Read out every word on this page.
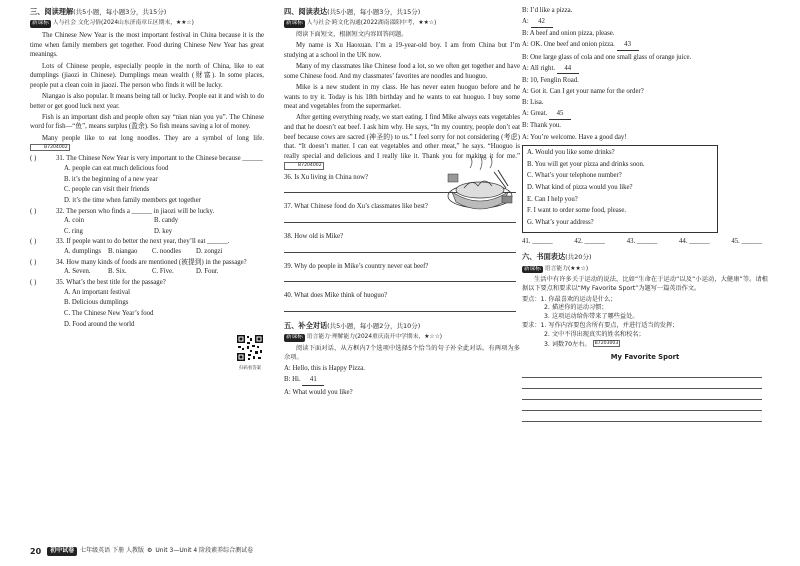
三、阅读理解(共5小题，每小题3分，共15分)
新课标 人与社会 文化习俗(2024山东济南章丘区期末，★★☆)

The Chinese New Year is the most important festival in China because it is the time when family members get together. Food during Chinese New Year has great meanings.

Lots of Chinese people, especially people in the north of China, like to eat dumplings (jiaozi in Chinese). Dumplings mean wealth (财富). In some places, people put a clean coin in jiaozi. The person who finds it will be lucky.

Niangao is also popular. It means being tall or lucky. People eat it and wish to do better or get good luck next year.

Fish is an important dish and people often say “nian nian you yu”. The Chinese word for fish—“鱼”, means surplus (盈余). So fish means saving a lot of money.

Many people like to eat long noodles. They are a symbol of long life. B7204002

( )	31. The Chinese New Year is very important to the Chinese because ______
A. people can eat much delicious food
B. it’s the beginning of a new year
C. people can visit their friends
D. it’s the time when family members get together
( )	32. The person who finds a ______ in jiaozi will be lucky.
A. coin	B. candy
C. ring	D. key
( )	33. If people want to do better the next year, they’ll eat ______.
A. dumplings	B. niangao	C. noodles	D. zongzi
( )	34. How many kinds of foods are mentioned (被提到) in the passage?
A. Seven.	B. Six.	C. Five.	D. Four.
( )	35. What’s the best title for the passage?
A. An important festival
B. Delicious dumplings
C. The Chinese New Year’s food
D. Food around the world
扫码看答案
四、阅读表达(共5小题，每小题3分，共15分)
新课标 人与社会·跨文化沟通(2022湖南邵阳中考，★★☆)

阅读下面短文，根据短文内容回答问题。

My name is Xu Haoxuan. I’m a 19-year-old boy. I am from China but I’m studying at a school in the UK now.

Many of my classmates like Chinese food a lot, so we often get together and have some Chinese food. And my classmates’ favorites are noodles and huoguo.

Mike is a new student in my class. He has never eaten huoguo before and he wants to try it. Today is his 18th birthday and he wants to eat huoguo. I buy some meat and vegetables from the supermarket.

After getting everything ready, we start eating. I find Mike always eats vegetables and that he doesn’t eat beef. I ask him why. He says, “In my country, people don’t eat beef because cows are sacred (神圣的) to us.” I feel sorry for not considering (考虑) that. “It doesn’t matter. I can eat vegetables and other meat,” he says. “Huoguo is really special and delicious and I really like it. Thank you for making it for me.” B7204002

36. Is Xu living in China now?
37. What Chinese food do Xu’s classmates like best?
38. How old is Mike?
39. Why do people in Mike’s country never eat beef?
40. What does Mike think of huoguo?
五、补全对话(共5小题，每小题2分，共10分)
新课标 语言能力·理解能力(2024重庆南开中学期末，★☆☆)

阅读下面对话，从方框内7个选项中选择5个恰当的句子补全此对话。有两项为多余项。

A: Hello, this is Happy Pizza.
B: Hi. 41
A: What would you like?
B: I’d like a pizza.
A: 42
B: A beef and onion pizza, please.
A: OK. One beef and onion pizza. 43
B: One large glass of cola and one small glass of orange juice.
A: All right. 44
B: 10, Fenglin Road.
A: Got it. Can I get your name for the order?
B: Lisa.
A: Great. 45
B: Thank you.
A: You’re welcome. Have a good day!
A. Would you like some drinks?
B. You will get your pizza and drinks soon.
C. What’s your telephone number?
D. What kind of pizza would you like?
E. Can I help you?
F. I want to order some food, please.
G. What’s your address?
41. ______	42. ______	43. ______	44. ______	45. ______
六、书面表达(共20分)
新课标 语言能力(★★☆)

生活中有许多关于运动的说法，比如“生命在于运动”以及“小运动，大健康”等。请根据以下要点和要求以“My Favorite Sport”为题写一篇英语作文。

要点：1. 你最喜欢的运动是什么；
2. 描述你的运动习惯；
3. 这项运动给你带来了哪些益处。
要求：1. 写作内容要包含所有要点，并进行适当的发挥；
2. 文中不得出现真实的姓名和校名；
3. 词数70左右。 B7203003
My Favorite Sport
20	初中试卷	七年级英语 下册 人教版 ⚙ Unit 3—Unit 4 阶段素养综合测试卷
